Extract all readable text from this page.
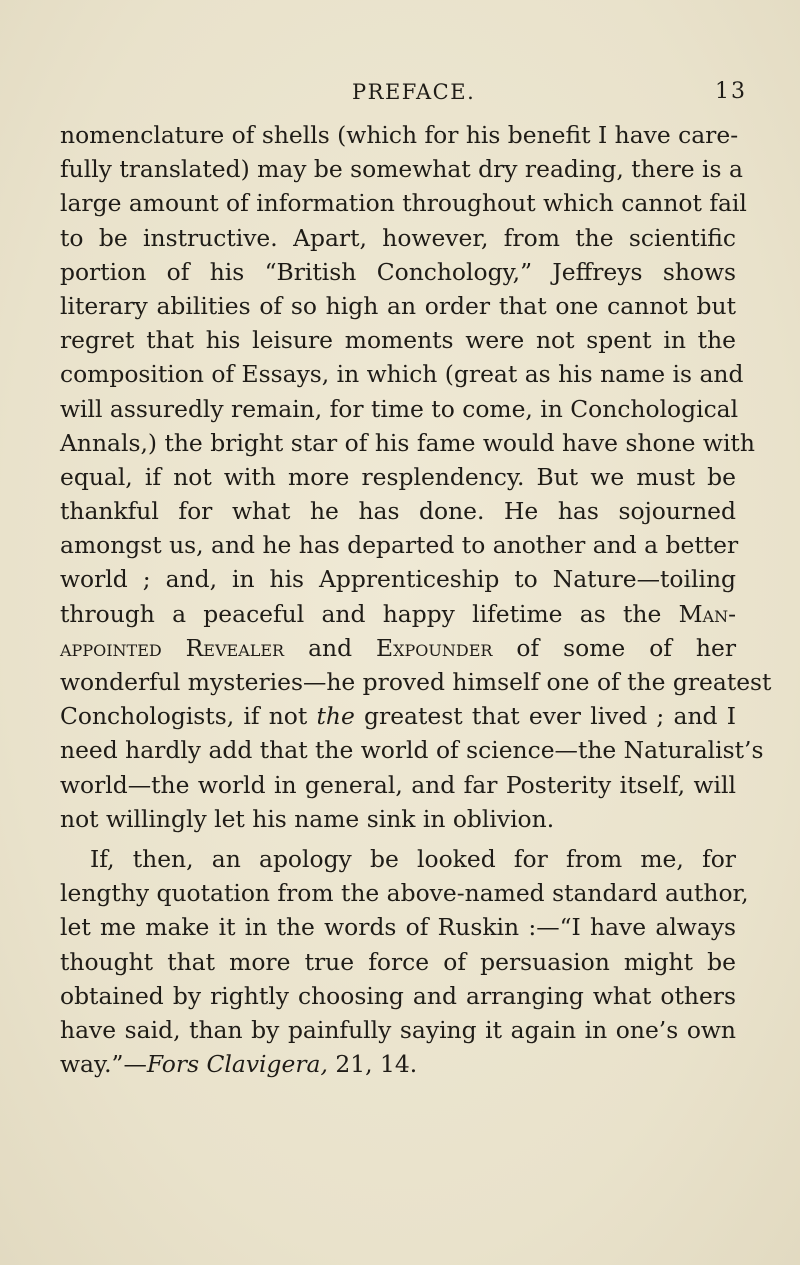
PREFACE.	13
nomenclature of shells (which for his benefit I have care-
fully translated) may be somewhat dry reading, there is a
large amount of information throughout which cannot fail
to be instructive. Apart, however, from the scientific
portion of his “British Conchology,” Jeffreys shows
literary abilities of so high an order that one cannot but
regret that his leisure moments were not spent in the
composition of Essays, in which (great as his name is and
will assuredly remain, for time to come, in Conchological
Annals,) the bright star of his fame would have shone with
equal, if not with more resplendency. But we must be
thankful for what he has done. He has sojourned
amongst us, and he has departed to another and a better
world ; and, in his Apprenticeship to Nature—toiling
through a peaceful and happy lifetime as the Man-
appointed Revealer and Expounder of some of her
wonderful mysteries—he proved himself one of the greatest
Conchologists, if not the greatest that ever lived ; and I
need hardly add that the world of science—the Naturalist’s
world—the world in general, and far Posterity itself, will
not willingly let his name sink in oblivion.
If, then, an apology be looked for from me, for
lengthy quotation from the above-named standard author,
let me make it in the words of Ruskin :—“I have always
thought that more true force of persuasion might be
obtained by rightly choosing and arranging what others
have said, than by painfully saying it again in one’s own
way.”—Fors Clavigera, 21, 14.
